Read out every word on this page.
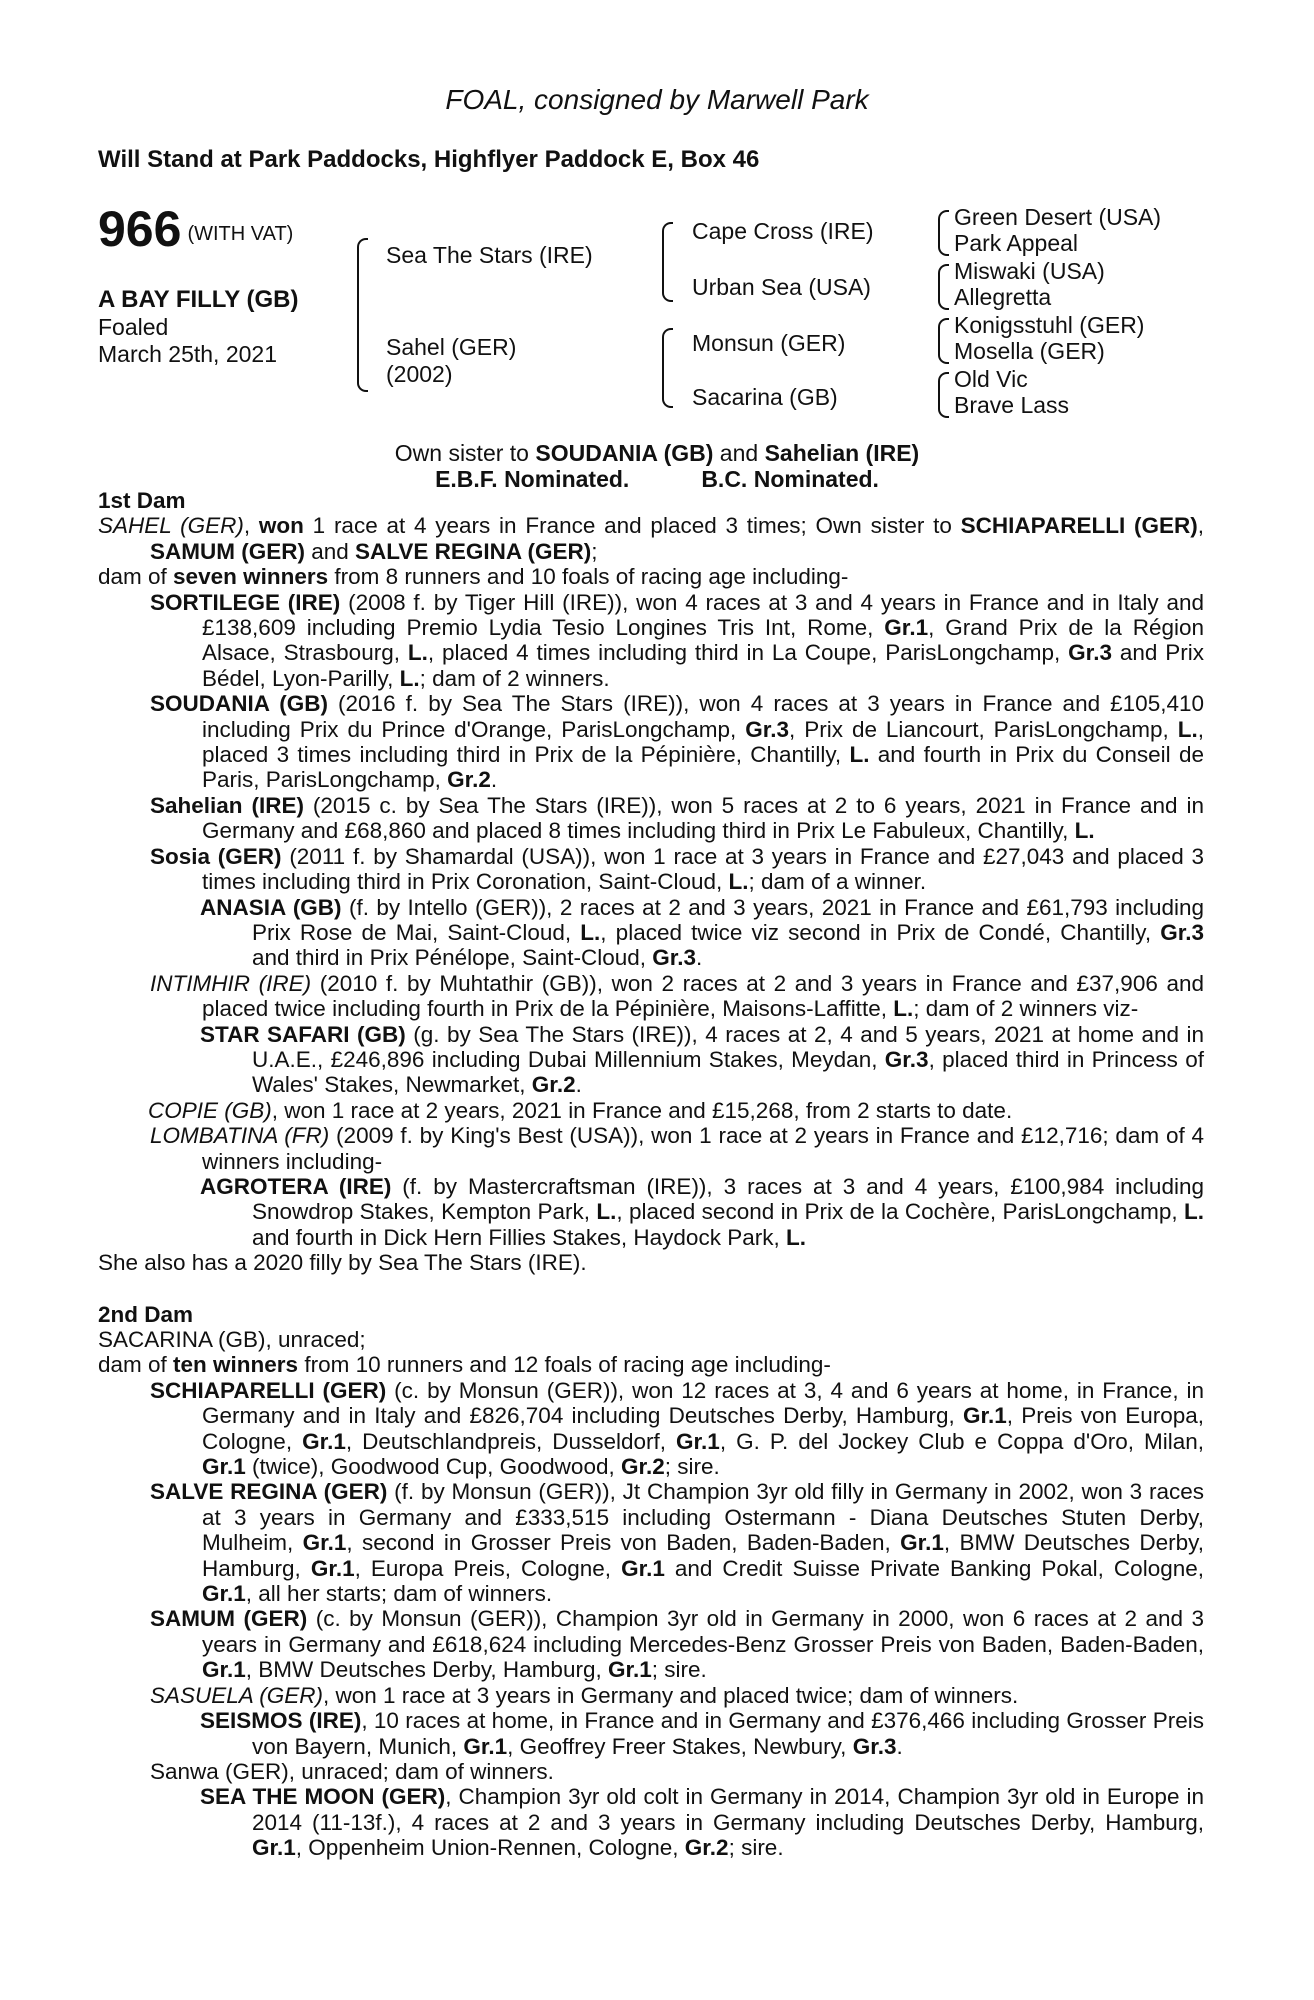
FOAL, consigned by Marwell Park
Will Stand at Park Paddocks, Highflyer Paddock E, Box 46
966 (WITH VAT)
A BAY FILLY (GB)
Foaled
March 25th, 2021
Sea The Stars (IRE)
Sahel (GER)
(2002)
Cape Cross (IRE)
Urban Sea (USA)
Monsun (GER)
Sacarina (GB)
Green Desert (USA)
Park Appeal
Miswaki (USA)
Allegretta
Konigsstuhl (GER)
Mosella (GER)
Old Vic
Brave Lass
Own sister to SOUDANIA (GB) and Sahelian (IRE)
E.B.F. Nominated.	B.C. Nominated.

1st Dam

SAHEL (GER), won 1 race at 4 years in France and placed 3 times; Own sister to SCHIAPARELLI (GER), SAMUM (GER) and SALVE REGINA (GER);

dam of seven winners from 8 runners and 10 foals of racing age including-

SORTILEGE (IRE) (2008 f. by Tiger Hill (IRE)), won 4 races at 3 and 4 years in France and in Italy and £138,609 including Premio Lydia Tesio Longines Tris Int, Rome, Gr.1, Grand Prix de la Région Alsace, Strasbourg, L., placed 4 times including third in La Coupe, ParisLongchamp, Gr.3 and Prix Bédel, Lyon-Parilly, L.; dam of 2 winners.

SOUDANIA (GB) (2016 f. by Sea The Stars (IRE)), won 4 races at 3 years in France and £105,410 including Prix du Prince d'Orange, ParisLongchamp, Gr.3, Prix de Liancourt, ParisLongchamp, L., placed 3 times including third in Prix de la Pépinière, Chantilly, L. and fourth in Prix du Conseil de Paris, ParisLongchamp, Gr.2.

Sahelian (IRE) (2015 c. by Sea The Stars (IRE)), won 5 races at 2 to 6 years, 2021 in France and in Germany and £68,860 and placed 8 times including third in Prix Le Fabuleux, Chantilly, L.

Sosia (GER) (2011 f. by Shamardal (USA)), won 1 race at 3 years in France and £27,043 and placed 3 times including third in Prix Coronation, Saint-Cloud, L.; dam of a winner.

ANASIA (GB) (f. by Intello (GER)), 2 races at 2 and 3 years, 2021 in France and £61,793 including Prix Rose de Mai, Saint-Cloud, L., placed twice viz second in Prix de Condé, Chantilly, Gr.3 and third in Prix Pénélope, Saint-Cloud, Gr.3.

INTIMHIR (IRE) (2010 f. by Muhtathir (GB)), won 2 races at 2 and 3 years in France and £37,906 and placed twice including fourth in Prix de la Pépinière, Maisons-Laffitte, L.; dam of 2 winners viz-

STAR SAFARI (GB) (g. by Sea The Stars (IRE)), 4 races at 2, 4 and 5 years, 2021 at home and in U.A.E., £246,896 including Dubai Millennium Stakes, Meydan, Gr.3, placed third in Princess of Wales' Stakes, Newmarket, Gr.2.

COPIE (GB), won 1 race at 2 years, 2021 in France and £15,268, from 2 starts to date.

LOMBATINA (FR) (2009 f. by King's Best (USA)), won 1 race at 2 years in France and £12,716; dam of 4 winners including-

AGROTERA (IRE) (f. by Mastercraftsman (IRE)), 3 races at 3 and 4 years, £100,984 including Snowdrop Stakes, Kempton Park, L., placed second in Prix de la Cochère, ParisLongchamp, L. and fourth in Dick Hern Fillies Stakes, Haydock Park, L.

She also has a 2020 filly by Sea The Stars (IRE).

2nd Dam

SACARINA (GB), unraced;

dam of ten winners from 10 runners and 12 foals of racing age including-

SCHIAPARELLI (GER) (c. by Monsun (GER)), won 12 races at 3, 4 and 6 years at home, in France, in Germany and in Italy and £826,704 including Deutsches Derby, Hamburg, Gr.1, Preis von Europa, Cologne, Gr.1, Deutschlandpreis, Dusseldorf, Gr.1, G. P. del Jockey Club e Coppa d'Oro, Milan, Gr.1 (twice), Goodwood Cup, Goodwood, Gr.2; sire.

SALVE REGINA (GER) (f. by Monsun (GER)), Jt Champion 3yr old filly in Germany in 2002, won 3 races at 3 years in Germany and £333,515 including Ostermann - Diana Deutsches Stuten Derby, Mulheim, Gr.1, second in Grosser Preis von Baden, Baden-Baden, Gr.1, BMW Deutsches Derby, Hamburg, Gr.1, Europa Preis, Cologne, Gr.1 and Credit Suisse Private Banking Pokal, Cologne, Gr.1, all her starts; dam of winners.

SAMUM (GER) (c. by Monsun (GER)), Champion 3yr old in Germany in 2000, won 6 races at 2 and 3 years in Germany and £618,624 including Mercedes-Benz Grosser Preis von Baden, Baden-Baden, Gr.1, BMW Deutsches Derby, Hamburg, Gr.1; sire.

SASUELA (GER), won 1 race at 3 years in Germany and placed twice; dam of winners.

SEISMOS (IRE), 10 races at home, in France and in Germany and £376,466 including Grosser Preis von Bayern, Munich, Gr.1, Geoffrey Freer Stakes, Newbury, Gr.3.

Sanwa (GER), unraced; dam of winners.

SEA THE MOON (GER), Champion 3yr old colt in Germany in 2014, Champion 3yr old in Europe in 2014 (11-13f.), 4 races at 2 and 3 years in Germany including Deutsches Derby, Hamburg, Gr.1, Oppenheim Union-Rennen, Cologne, Gr.2; sire.
